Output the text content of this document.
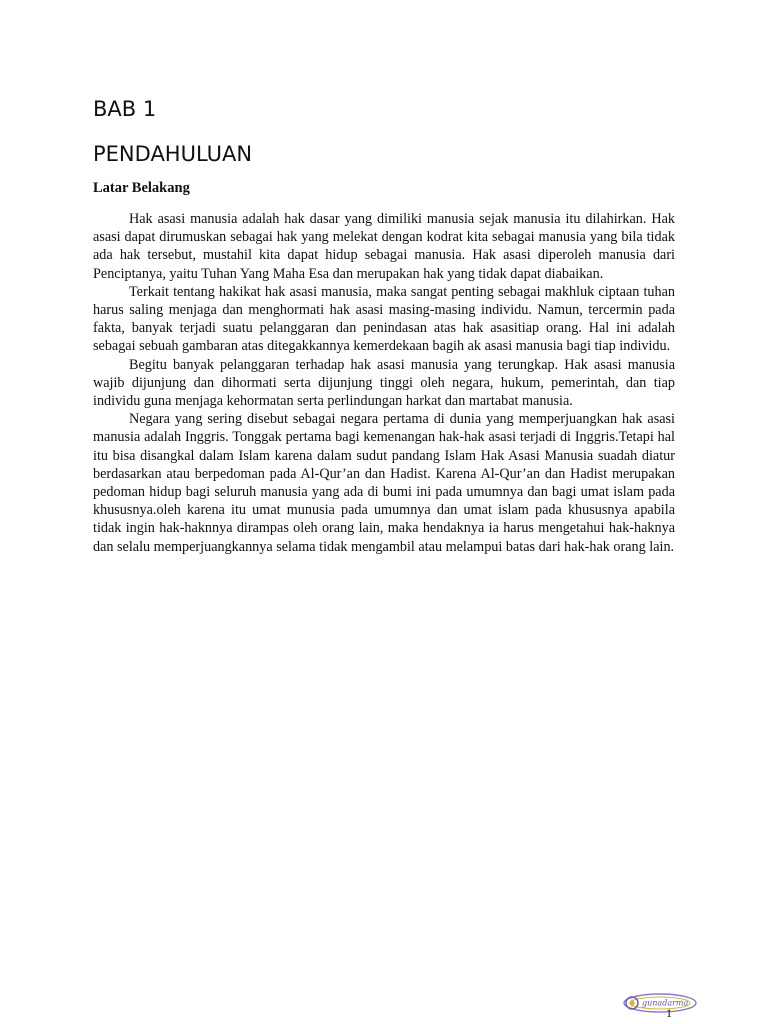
BAB 1
PENDAHULUAN
Latar Belakang

Hak asasi manusia adalah hak dasar yang dimiliki manusia sejak manusia itu dilahirkan. Hak asasi dapat dirumuskan sebagai hak yang melekat dengan kodrat kita sebagai manusia yang bila tidak ada hak tersebut, mustahil kita dapat hidup sebagai manusia. Hak asasi diperoleh manusia dari Penciptanya, yaitu Tuhan Yang Maha Esa dan merupakan hak yang tidak dapat diabaikan.

Terkait tentang hakikat hak asasi manusia, maka sangat penting sebagai makhluk ciptaan tuhan harus saling menjaga dan menghormati hak asasi masing-masing individu. Namun, tercermin pada fakta, banyak terjadi suatu pelanggaran dan penindasan atas hak asasitiap orang. Hal ini adalah sebagai sebuah gambaran atas ditegakkannya kemerdekaan bagih ak asasi manusia bagi tiap individu.

Begitu banyak pelanggaran terhadap hak asasi manusia yang terungkap. Hak asasi manusia wajib dijunjung dan dihormati serta dijunjung tinggi oleh negara, hukum, pemerintah, dan tiap individu guna menjaga kehormatan serta perlindungan harkat dan martabat manusia.

Negara yang sering disebut sebagai negara pertama di dunia yang memperjuangkan hak asasi manusia adalah Inggris. Tonggak pertama bagi kemenangan hak-hak asasi terjadi di Inggris.Tetapi hal itu bisa disangkal dalam Islam karena dalam sudut pandang Islam Hak Asasi Manusia suadah diatur berdasarkan atau berpedoman pada Al-Qur’an dan Hadist. Karena Al-Qur’an dan Hadist merupakan pedoman hidup bagi seluruh manusia yang ada di bumi ini pada umumnya dan bagi umat islam pada khususnya.oleh karena itu umat munusia pada umumnya dan umat islam pada khususnya apabila tidak ingin hak-haknnya dirampas oleh orang lain, maka hendaknya ia harus mengetahui hak-haknya dan selalu memperjuangkannya selama tidak mengambil atau melampui batas dari hak-hak orang lain.

gunadarma
1
